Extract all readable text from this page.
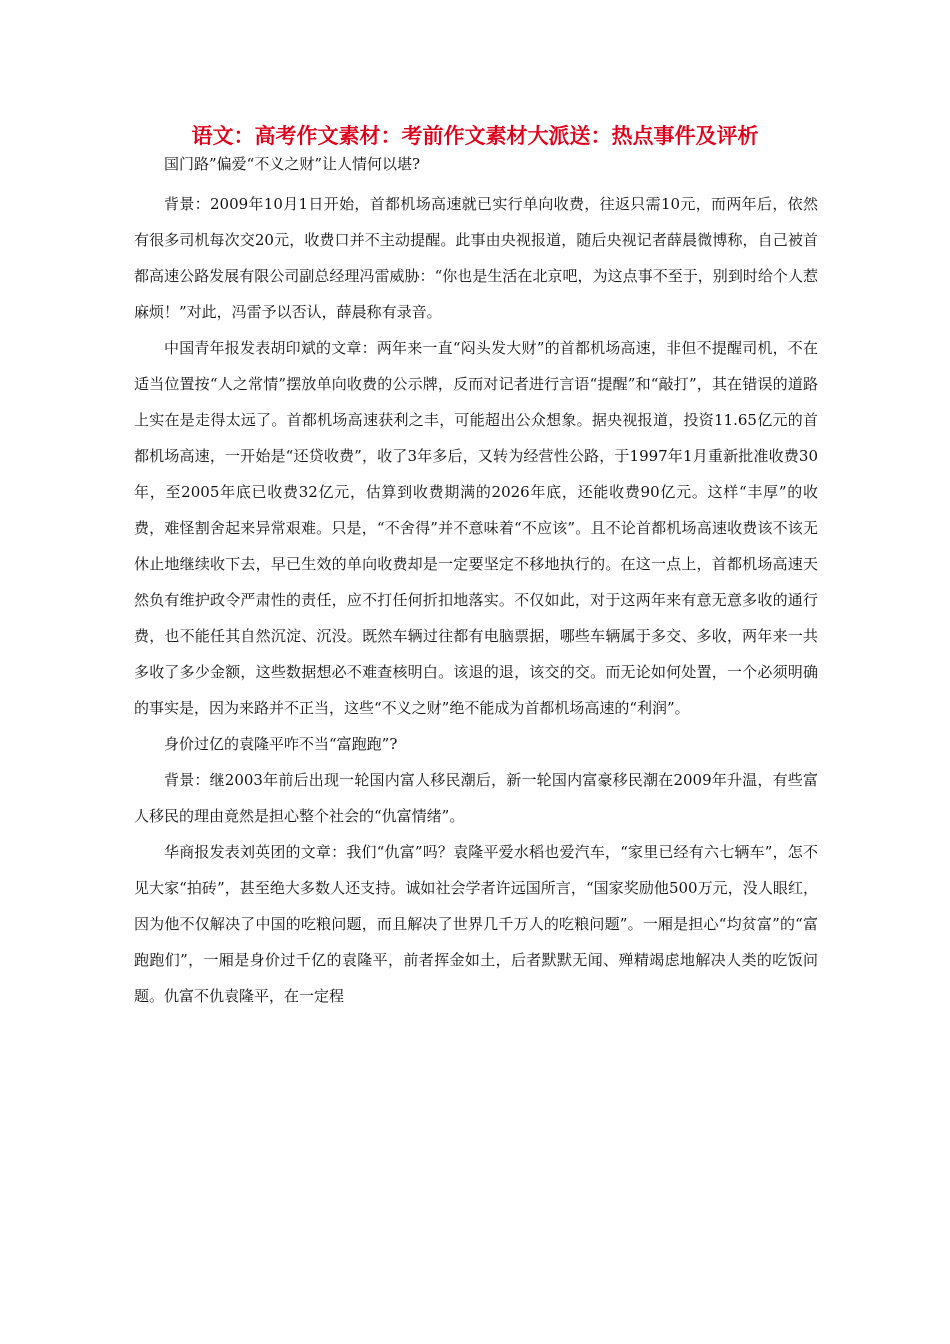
语文：高考作文素材：考前作文素材大派送：热点事件及评析

国门路”偏爱“不义之财”让人情何以堪?

背景：2009年10月1日开始，首都机场高速就已实行单向收费，往返只需10元，而两年后，依然有很多司机每次交20元，收费口并不主动提醒。此事由央视报道，随后央视记者薛晨微博称，自己被首都高速公路发展有限公司副总经理冯雷威胁：“你也是生活在北京吧，为这点事不至于，别到时给个人惹麻烦！”对此，冯雷予以否认，薛晨称有录音。

中国青年报发表胡印斌的文章：两年来一直“闷头发大财”的首都机场高速，非但不提醒司机，不在适当位置按“人之常情”摆放单向收费的公示牌，反而对记者进行言语“提醒”和“敲打”，其在错误的道路上实在是走得太远了。首都机场高速获利之丰，可能超出公众想象。据央视报道，投资11.65亿元的首都机场高速，一开始是“还贷收费”，收了3年多后，又转为经营性公路，于1997年1月重新批准收费30年，至2005年底已收费32亿元，估算到收费期满的2026年底，还能收费90亿元。这样“丰厚”的收费，难怪割舍起来异常艰难。只是，“不舍得”并不意味着“不应该”。且不论首都机场高速收费该不该无休止地继续收下去，早已生效的单向收费却是一定要坚定不移地执行的。在这一点上，首都机场高速天然负有维护政令严肃性的责任，应不打任何折扣地落实。不仅如此，对于这两年来有意无意多收的通行费，也不能任其自然沉淀、沉没。既然车辆过往都有电脑票据，哪些车辆属于多交、多收，两年来一共多收了多少金额，这些数据想必不难查核明白。该退的退，该交的交。而无论如何处置，一个必须明确的事实是，因为来路并不正当，这些“不义之财”绝不能成为首都机场高速的“利润”。

身价过亿的袁隆平咋不当“富跑跑”?

背景：继2003年前后出现一轮国内富人移民潮后，新一轮国内富豪移民潮在2009年升温，有些富人移民的理由竟然是担心整个社会的“仇富情绪”。

华商报发表刘英团的文章：我们“仇富”吗？袁隆平爱水稻也爱汽车，“家里已经有六七辆车”，怎不见大家“拍砖”，甚至绝大多数人还支持。诚如社会学者许远国所言，“国家奖励他500万元，没人眼红，因为他不仅解决了中国的吃粮问题，而且解决了世界几千万人的吃粮问题”。一厢是担心“均贫富”的“富跑跑们”，一厢是身价过千亿的袁隆平，前者挥金如土，后者默默无闻、殚精竭虑地解决人类的吃饭问题。仇富不仇袁隆平，在一定程
